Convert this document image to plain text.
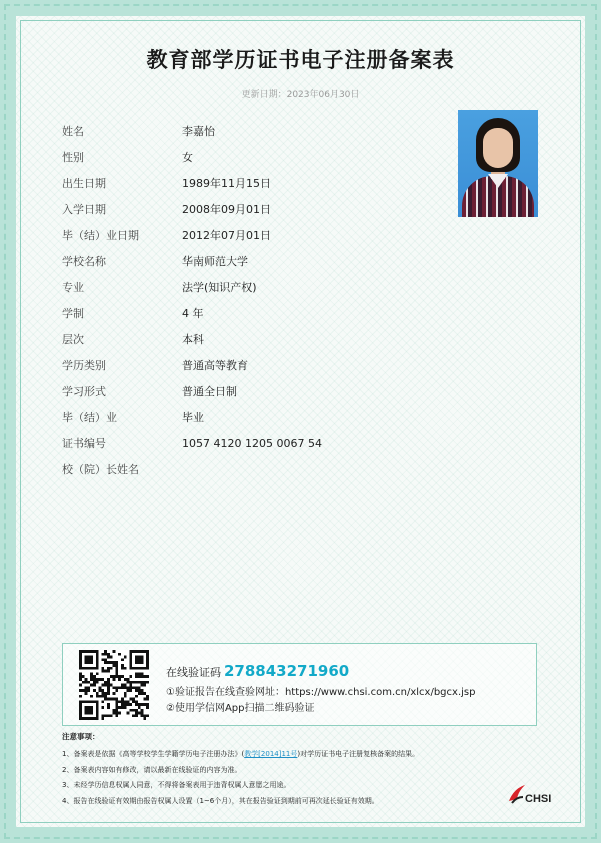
教育部学历证书电子注册备案表
更新日期：2023年06月30日
姓名	李嘉怡
性别	女
出生日期	1989年11月15日
入学日期	2008年09月01日
毕（结）业日期	2012年07月01日
学校名称	华南师范大学
专业	法学(知识产权)
学制	4 年
层次	本科
学历类别	普通高等教育
学习形式	普通全日制
毕（结）业	毕业
证书编号	1057 4120 1205 0067 54
校（院）长姓名
在线验证码 278843271960
①验证报告在线查验网址：https://www.chsi.com.cn/xlcx/bgcx.jsp
②使用学信网App扫描二维码验证
注意事项：
1、备案表是依据《高等学校学生学籍学历电子注册办法》(教学[2014]11号)对学历证书电子注册复核备案的结果。
2、备案表内容如有修改，请以最新在线验证的内容为准。
3、未经学历信息权属人同意，不得将备案表用于违背权属人意愿之用途。
4、报告在线验证有效期由报告权属人设置（1~6个月），其在报告验证到期前可再次延长验证有效期。	CHSI
